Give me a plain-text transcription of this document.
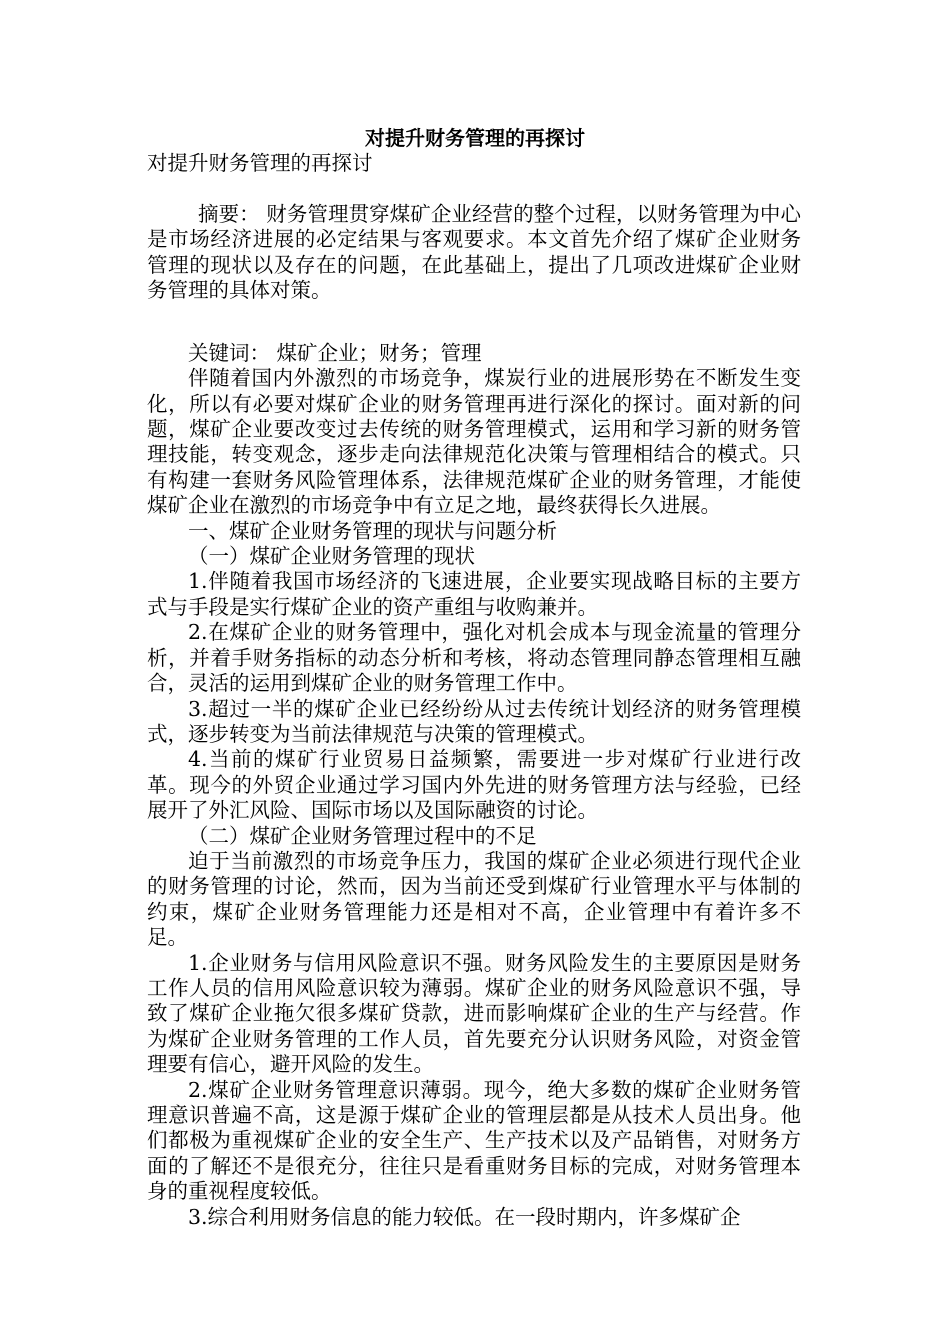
对提升财务管理的再探讨

对提升财务管理的再探讨

摘要： 财务管理贯穿煤矿企业经营的整个过程，以财务管理为中心是市场经济进展的必定结果与客观要求。本文首先介绍了煤矿企业财务管理的现状以及存在的问题，在此基础上，提出了几项改进煤矿企业财务管理的具体对策。

关键词： 煤矿企业；财务；管理

伴随着国内外激烈的市场竞争，煤炭行业的进展形势在不断发生变化，所以有必要对煤矿企业的财务管理再进行深化的探讨。面对新的问题，煤矿企业要改变过去传统的财务管理模式，运用和学习新的财务管理技能，转变观念，逐步走向法律规范化决策与管理相结合的模式。只有构建一套财务风险管理体系，法律规范煤矿企业的财务管理，才能使煤矿企业在激烈的市场竞争中有立足之地，最终获得长久进展。

一、煤矿企业财务管理的现状与问题分析

（一）煤矿企业财务管理的现状

1.伴随着我国市场经济的飞速进展，企业要实现战略目标的主要方式与手段是实行煤矿企业的资产重组与收购兼并。

2.在煤矿企业的财务管理中，强化对机会成本与现金流量的管理分析，并着手财务指标的动态分析和考核，将动态管理同静态管理相互融合，灵活的运用到煤矿企业的财务管理工作中。

3.超过一半的煤矿企业已经纷纷从过去传统计划经济的财务管理模式，逐步转变为当前法律规范与决策的管理模式。

4.当前的煤矿行业贸易日益频繁，需要进一步对煤矿行业进行改革。现今的外贸企业通过学习国内外先进的财务管理方法与经验，已经展开了外汇风险、国际市场以及国际融资的讨论。

（二）煤矿企业财务管理过程中的不足

迫于当前激烈的市场竞争压力，我国的煤矿企业必须进行现代企业的财务管理的讨论，然而，因为当前还受到煤矿行业管理水平与体制的约束，煤矿企业财务管理能力还是相对不高，企业管理中有着许多不足。

1.企业财务与信用风险意识不强。财务风险发生的主要原因是财务工作人员的信用风险意识较为薄弱。煤矿企业的财务风险意识不强，导致了煤矿企业拖欠很多煤矿贷款，进而影响煤矿企业的生产与经营。作为煤矿企业财务管理的工作人员，首先要充分认识财务风险，对资金管理要有信心，避开风险的发生。

2.煤矿企业财务管理意识薄弱。现今，绝大多数的煤矿企业财务管理意识普遍不高，这是源于煤矿企业的管理层都是从技术人员出身。他们都极为重视煤矿企业的安全生产、生产技术以及产品销售，对财务方面的了解还不是很充分，往往只是看重财务目标的完成，对财务管理本身的重视程度较低。

3.综合利用财务信息的能力较低。在一段时期内，许多煤矿企
